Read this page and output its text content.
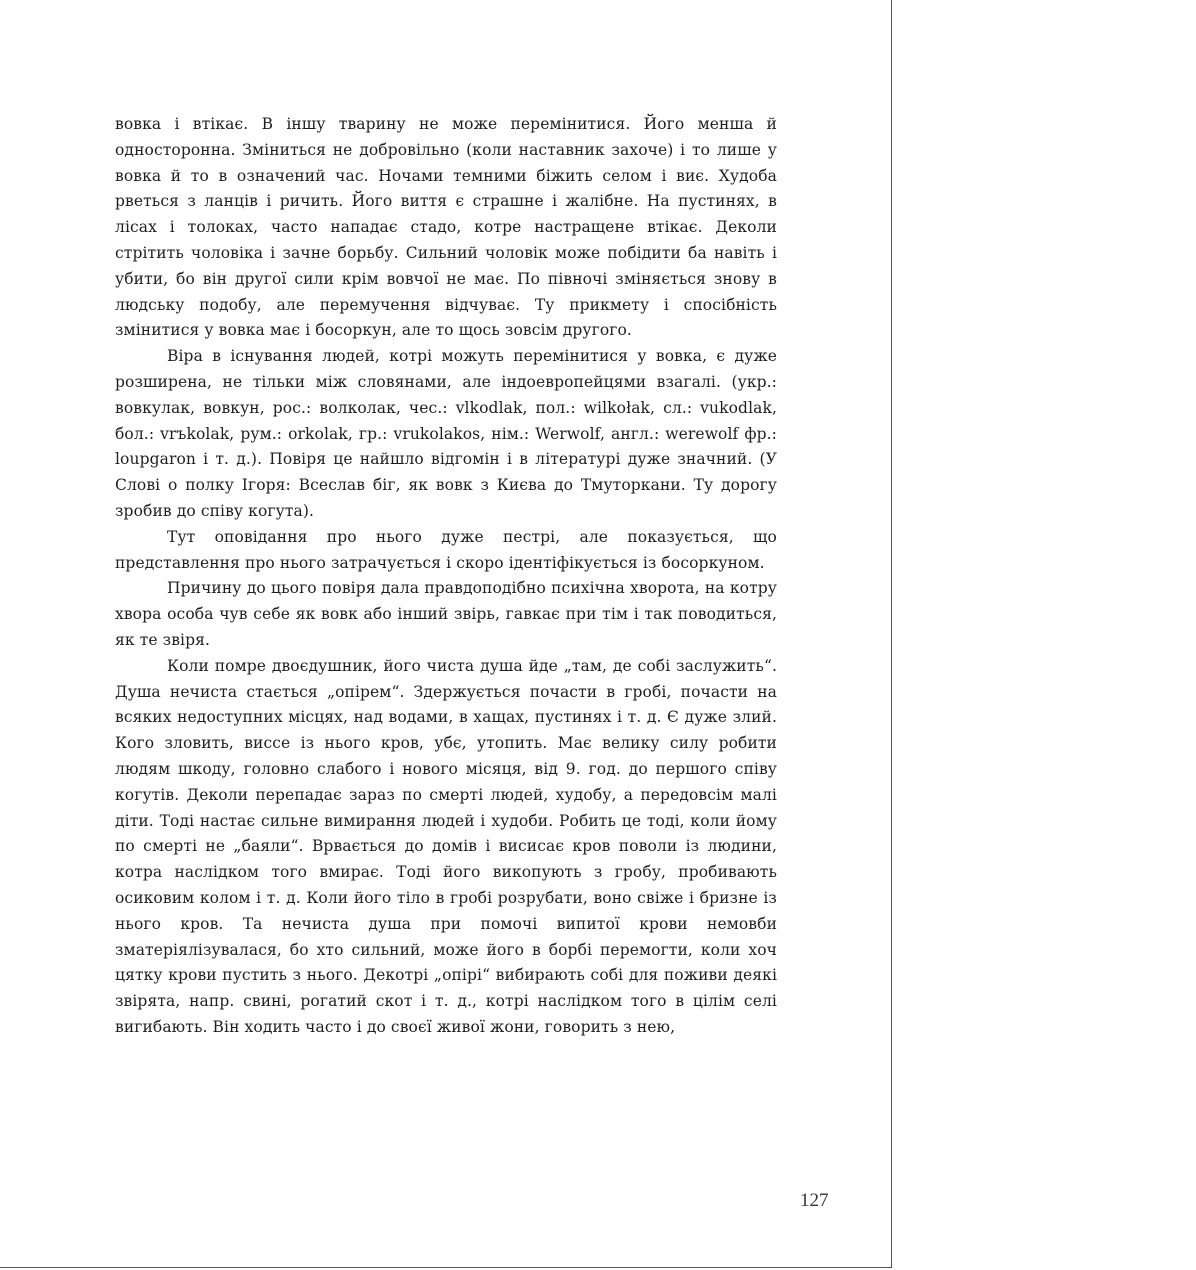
вовка і втікає. В іншу тварину не може перемінитися. Його меншa й одностороннa. Зміниться не добровільно (коли наставник захоче) і то лише у вовка й то в означений час. Ночами темними біжить селом і виє. Худоба рветься з ланців і ричить. Його виття є страшне і жалібне. На пустинях, в лісах і толоках, часто нападає стадо, котре настращене втікає. Деколи стрітить чоловіка і зачне борьбу. Сильний чоловік може побідити ба навіть і убити, бо він другої сили крім вовчої не має. По півночі зміняється знову в людську подобу, але перемучення відчуває. Ту прикмету і спосібність змінитися у вовка має і босоркун, але то щось зовсім другого.

Віра в існування людей, котрі можуть перемінитися у вовка, є дуже розширена, не тільки між словянами, але індоевропейцями взагалі. (укр.: вовкулак, вовкун, рос.: волколак, чес.: vlkodlak, пол.: wilkołak, сл.: vukodlak, бол.: vrъkolak, рум.: orkolak, гр.: vrukolakos, нім.: Werwolf, англ.: werewolf фр.: loupgaron і т. д.). Повіря це найшло відгомін і в літературі дуже значний. (У Слові о полку Ігоря: Всеслав біг, як вовк з Києва до Тмуторкани. Ту дорогу зробив до співу когута).

Тут оповідання про нього дуже пестрі, але показується, що представлення про нього затрачується і скоро ідентіфікується із босоркуном.

Причину до цього повіря дала правдоподібно психічна хворота, на котру хвора особа чув себе як вовк або інший звірь, гавкає при тім і так поводиться, як те звіря.

Коли помре двоєдушник, його чиста душа йде „там, де собі заслужить“. Душа нечиста стається „опірем“. Здержується почасти в гробі, почасти на всяких недоступних місцях, над водами, в хащах, пустинях і т. д. Є дуже злий. Кого зловить, висcе із нього кров, убє, утопить. Має велику силу робити людям шкоду, головно слабого і нового місяця, від 9. год. до першого співу когутів. Деколи перепадає зараз по смерті людей, худобу, а передовсім малі діти. Тоді настає сильне вимирання людей і худоби. Робить це тоді, коли йому по смерті не „баяли“. Врвається до домів і висисає кров поволи із людини, котра наслідком того вмирає. Тоді його викопують з гробу, пробивають осиковим колом і т. д. Коли його тіло в гробі розрубати, воно свіже і бризне із нього кров. Та нечиста душа при помочі випитої крови немовби зматеріялізувалася, бо хто сильний, може його в борбі перемогти, коли хоч цятку крови пустить з нього. Декотрі „опірі“ вибирають собі для поживи деякі звірята, напр. свині, рогатий скот і т. д., котрі наслідком того в цілім селі вигибають. Він ходить часто і до своєї живої жони, говорить з нею,

127
